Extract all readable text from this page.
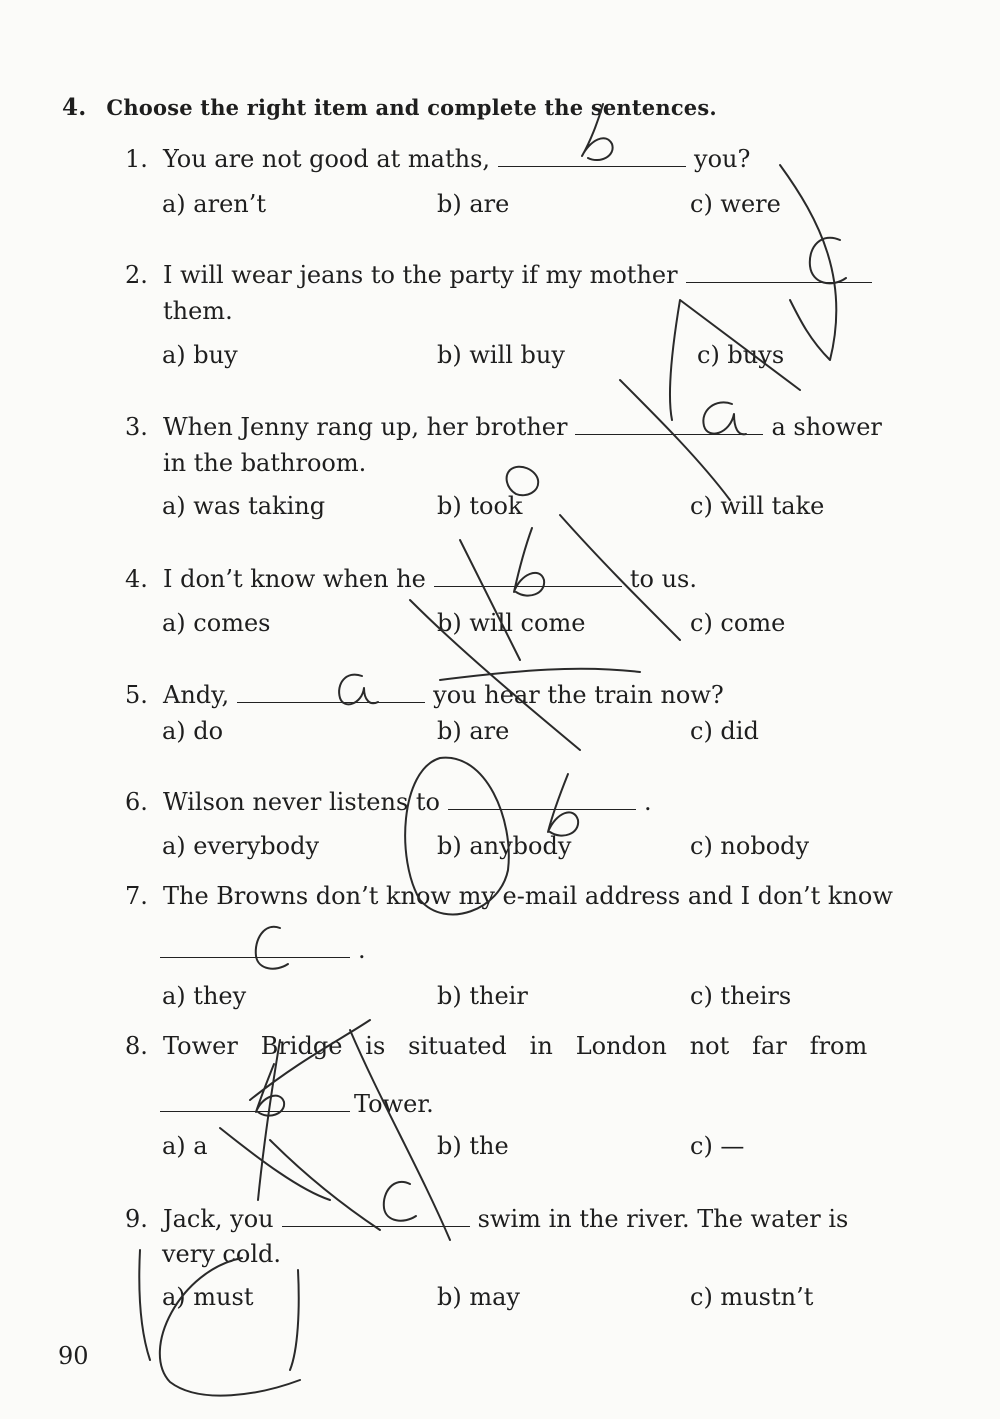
4. Choose the right item and complete the sentences.
1. You are not good at maths,	you?
a) aren’t	b) are	c) were
2. I will wear jeans to the party if my mother
them.
a) buy	b) will buy	c) buys
3. When Jenny rang up, her brother	a shower
in the bathroom.
a) was taking	b) took	c) will take
4. I don’t know when he	to us.
a) comes	b) will come	c) come
5. Andy,	you hear the train now?
a) do	b) are	c) did
6. Wilson never listens to	.
a) everybody	b) anybody	c) nobody
7. The Browns don’t know my e-mail address and I don’t know
.
a) they	b) their	c) theirs
8. Tower   Bridge   is   situated   in   London   not   far   from
Tower.
a) a	b) the	c) —
9. Jack, you	swim in the river. The water is
very cold.
a) must	b) may	c) mustn’t
90
